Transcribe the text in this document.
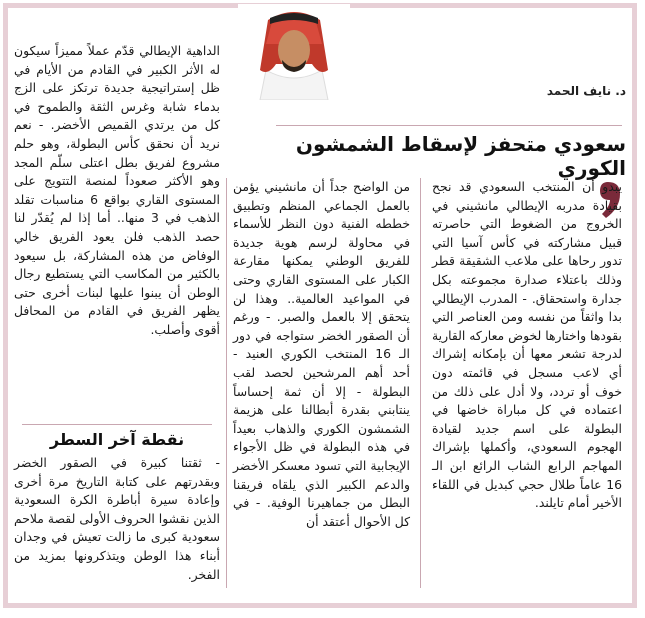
الداهية الإيطالي قدّم عملاً مميزاً سيكون له الأثر الكبير في القادم من الأيام في ظل إستراتيجية جديدة ترتكز على الزج بدماء شابة وغرس الثقة والطموح في كل من يرتدي القميص الأخضر. - نعم نريد أن نحقق كأس البطولة، وهو حلم مشروع لفريق بطل اعتلى سلّم المجد وهو الأكثر صعوداً لمنصة التتويج على المستوى القاري بواقع 6 مناسبات تقلد الذهب في 3 منها.. أما إذا لم يُقدّر لنا حصد الذهب فلن يعود الفريق خالي الوفاض من هذه المشاركة، بل سيعود بالكثير من المكاسب التي يستطيع رجال الوطن أن يبنوا عليها لبنات أخرى حتى يظهر الفريق في القادم من المحافل أقوى وأصلب.

نقطة آخر السطر

- ثقتنا كبيرة في الصقور الخضر وبقدرتهم على كتابة التاريخ مرة أخرى وإعادة سيرة أباطرة الكرة السعودية الذين نقشوا الحروف الأولى لقصة ملاحم سعودية كبرى ما زالت تعيش في وجدان أبناء هذا الوطن ويتذكرونها بمزيد من الفخر.

د. نايف الحمد
سعودي متحفز لإسقاط الشمشون الكوري

من الواضح جداً أن مانشيني يؤمن بالعمل الجماعي المنظم وتطبيق خططه الفنية دون النظر للأسماء في محاولة لرسم هوية جديدة للفريق الوطني يمكنها مقارعة الكبار على المستوى القاري وحتى في المواعيد العالمية.. وهذا لن يتحقق إلا بالعمل والصبر. - ورغم أن الصقور الخضر ستواجه في دور الـ 16 المنتخب الكوري العنيد - أحد أهم المرشحين لحصد لقب البطولة - إلا أن ثمة إحساساً ينتابني بقدرة أبطالنا على هزيمة الشمشون الكوري والذهاب بعيداً في هذه البطولة في ظل الأجواء الإيجابية التي تسود معسكر الأخضر والدعم الكبير الذي يلقاه فريقنا البطل من جماهيرنا الوفية. - في كل الأحوال أعتقد أن

يبدو أن المنتخب السعودي قد نجح بقيادة مدربه الإيطالي مانشيني في الخروج من الضغوط التي حاصرته قبيل مشاركته في كأس آسيا التي تدور رحاها على ملاعب الشقيقة قطر وذلك باعتلاء صدارة مجموعته بكل جدارة واستحقاق. - المدرب الإيطالي بدا واثقاً من نفسه ومن العناصر التي بقودها واختارها لخوض معاركه القارية لدرجة تشعر معها أن بإمكانه إشراك أي لاعب مسجل في قائمته دون خوف أو تردد، ولا أدل على ذلك من اعتماده في كل مباراة خاضها في البطولة على اسم جديد لقيادة الهجوم السعودي، وأكملها بإشراك المهاجم الرابع الشاب الرائع ابن الـ 16 عاماً طلال حجي كبديل في اللقاء الأخير أمام تايلند.
